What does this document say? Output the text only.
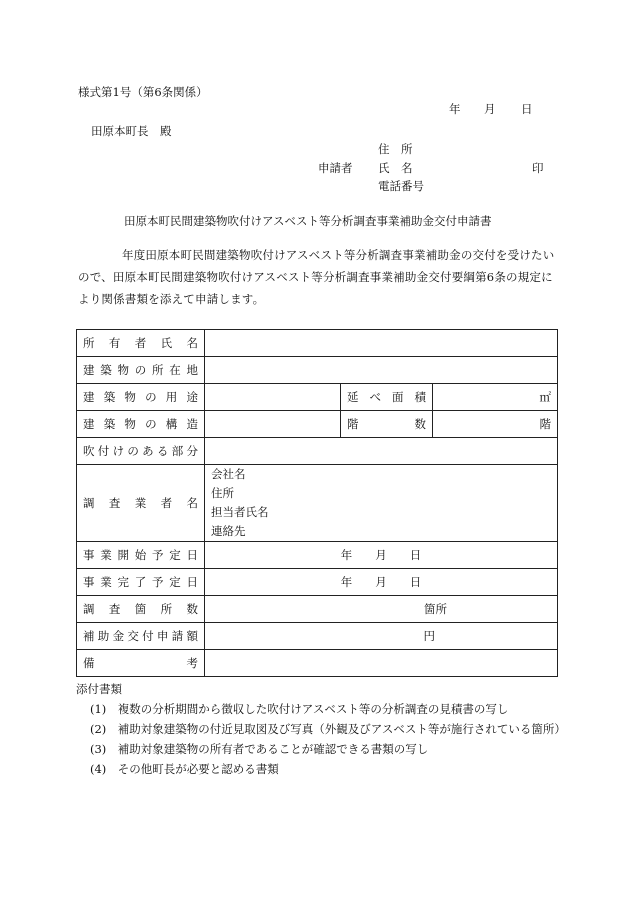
様式第1号（第6条関係）
年 月 日
田原本町長　殿
住　所
申請者 氏　名	印
電話番号
田原本町民間建築物吹付けアスベスト等分析調査事業補助金交付申請書
年度田原本町民間建築物吹付けアスベスト等分析調査事業補助金の交付を受けたいので、田原本町民間建築物吹付けアスベスト等分析調査事業補助金交付要綱第6条の規定により関係書類を添えて申請します。
所有者氏名			
建築物の所在地			
建築物の用途		延べ面積	㎡
建築物の構造		階数	階
吹付けのある部分			
調査業者名	会社名
住所
担当者氏名
連絡先		

事業開始予定日	年　　月　　日		
事業完了予定日	年　　月　　日		
調査箇所数	箇所		
補助金交付申請額	円		
備考			
添付書類
(1)　複数の分析期間から徴収した吹付けアスベスト等の分析調査の見積書の写し
(2)　補助対象建築物の付近見取図及び写真（外観及びアスベスト等が施行されている箇所）
(3)　補助対象建築物の所有者であることが確認できる書類の写し
(4)　その他町長が必要と認める書類
